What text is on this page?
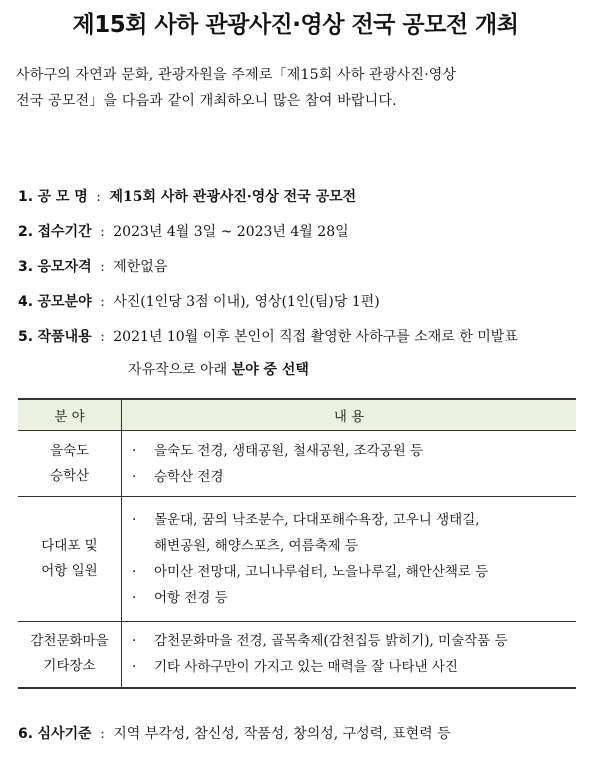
제15회 사하 관광사진·영상 전국 공모전 개최

사하구의 자연과 문화, 관광자원을 주제로「제15회 사하 관광사진·영상

전국 공모전」을 다음과 같이 개최하오니 많은 참여 바랍니다.

1. 공 모 명 : 제15회 사하 관광사진·영상 전국 공모전
2. 접수기간 : 2023년 4월 3일 ~ 2023년 4월 28일
3. 응모자격 : 제한없음
4. 공모분야 : 사진(1인당 3점 이내), 영상(1인(팀)당 1편)
5. 작품내용 : 2021년 10월 이후 본인이 직접 촬영한 사하구를 소재로 한 미발표
자유작으로 아래 분야 중 선택
분 야	내 용

을숙도
승학산	· 을숙도 전경, 생태공원, 철새공원, 조각공원 등
· 승학산 전경

다대포 및
어항 일원	· 몰운대, 꿈의 낙조분수, 다대포해수욕장, 고우니 생태길,
해변공원, 해양스포츠, 여름축제 등
· 아미산 전망대, 고니나루쉼터, 노을나루길, 해안산책로 등
· 어항 전경 등

감천문화마을
기타장소	· 감천문화마을 전경, 골목축제(감천집등 밝히기), 미술작품 등
· 기타 사하구만이 가지고 있는 매력을 잘 나타낸 사진
6. 심사기준 : 지역 부각성, 참신성, 작품성, 창의성, 구성력, 표현력 등
